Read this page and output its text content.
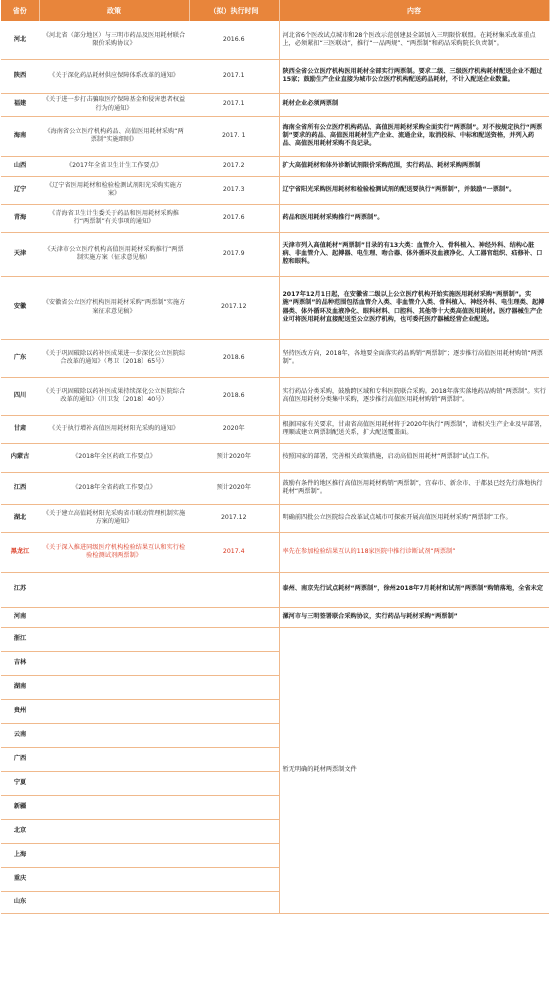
省份	政策	（拟）执行时间	内容
河北	《河北省（部分地区）与三明市药品及医用耗材联合限价采购协议》	2016.6	河北省6个医改试点城市和28个医改示范创建县全部加入三明限价联盟。在耗材集采改革重点上，必须紧扣“三医联动”，推行“一品两规”、“两票制”和药品采购院长负责制”。
陕西	《关于深化药品耗材供应保障体系改革的通知》	2017.1	陕西全省公立医疗机构医用耗材全部实行两票制。要求二级、三级医疗机构耗材配送企业不超过15家；鼓励生产企业直接为城市公立医疗机构配送药品耗材，不计入配送企业数量。
福建	《关于进一步打击骗取医疗保障基金和侵害患者权益行为的通知》	2017.1	耗材企业必须两票制
海南	《海南省公立医疗机构药品、高值医用耗材采购“两票制”实施细则》	2017. 1	海南全省所有公立医疗机构药品、高值医用耗材采购全面实行“两票制”。对不按规定执行“两票制”要求的药品、高值医用耗材生产企业、流通企业，取消投标、中标和配送资格，并列入药品、高值医用耗材采购不良记录。
山西	《2017年全省卫生计生工作要点》	2017.2	扩大高值耗材和体外诊断试剂限价采购范围，实行药品、耗材采购两票制
辽宁	《辽宁省医用耗材和检验检测试剂阳光采购实施方案》	2017.3	辽宁省阳光采购医用耗材和检验检测试剂的配送要执行“两票制”，并鼓励“一票制”。
青海	《青海省卫生计生委关于药品和医用耗材采购推行“两票制”有关事项的通知》	2017.6	药品和医用耗材采购推行“两票制”。
天津	《天津市公立医疗机构高值医用耗材采购推行“两票制实施方案（征求意见稿）	2017.9	天津市列入高值耗材“两票制”目录的有13大类：血管介入、骨科植入、神经外科、结构心脏病、非血管介入、起搏器、电生理、吻合器、体外循环及血液净化、人工器官组织、疝修补、口腔和眼科。
安徽	《安徽省公立医疗机构医用耗材采购“两票制”实施方案征求意见稿》	2017.12	2017年12月1日起，在安徽省二级以上公立医疗机构开始实施医用耗材采购“两票制”。实施“两票制”的品种范围包括血管介入类、非血管介入类、骨科植入、神经外科、电生理类、起搏器类、体外循环及血液净化、眼科材料、口腔科、其他等十大类高值医用耗材。医疗器械生产企业可将医用耗材直接配送至公立医疗机构，也可委托医疗器械经营企业配送。
广东	《关于巩固破除以药补医成果进一步深化公立医院综合改革的通知》（粤卫〔2018〕65号）	2018.6	坚持医改方向，2018年，各地要全面落实药品购销“两票制”；逐步推行高值医用耗材购销“两票制”。
四川	《关于巩固破除以药补医成果持续深化公立医院综合改革的通知》（川卫发〔2018〕40号）	2018.6	实行药品分类采购，鼓励跨区域和专科医院联合采购。2018年落实落地药品购销“两票制”。实行高值医用耗材分类集中采购，逐步推行高值医用耗材购销“两票制”。
甘肃	《关于执行增补高值医用耗材阳光采购的通知》	2020年	根据国家有关要求，甘肃省高值医用耗材将于2020年执行“两票制”，请相关生产企业及早部署，理顺或建立两票制配送关系，扩大配送覆盖面。
内蒙古	《2018年全区药政工作要点》	预计2020年	按照国家的部署，完善相关政策措施，启动高值医用耗材“两票制”试点工作。
江西	《2018年全省药政工作要点》	预计2020年	鼓励有条件的地区推行高值医用耗材购销“两票制”，宜春市、新余市、于都县已经先行落地执行耗材“两票制”。
湖北	《关于建立高值耗材阳光采购省市联动管理机制实施方案的通知》	2017.12	明确前四批公立医院综合改革试点城市可探索开展高值医用耗材采购“两票制”工作。
黑龙江	《关于深入推进同级医疗机构检验结果互认和实行检验检测试剂两票制》	2017.4	率先在参加检验结果互认的118家医院中推行诊断试剂“两票制”
江苏			泰州、南京先行试点耗材“两票制”，徐州2018年7月耗材和试剂“两票制”购销落地，全省未定
河南			漯河市与三明签署联合采购协议，实行药品与耗材采购“两票制”
浙江			暂无明确的耗材两票制文件
吉林			
湖南			
贵州			
云南			
广西			
宁夏			
新疆			
北京			
上海			
重庆			
山东			
